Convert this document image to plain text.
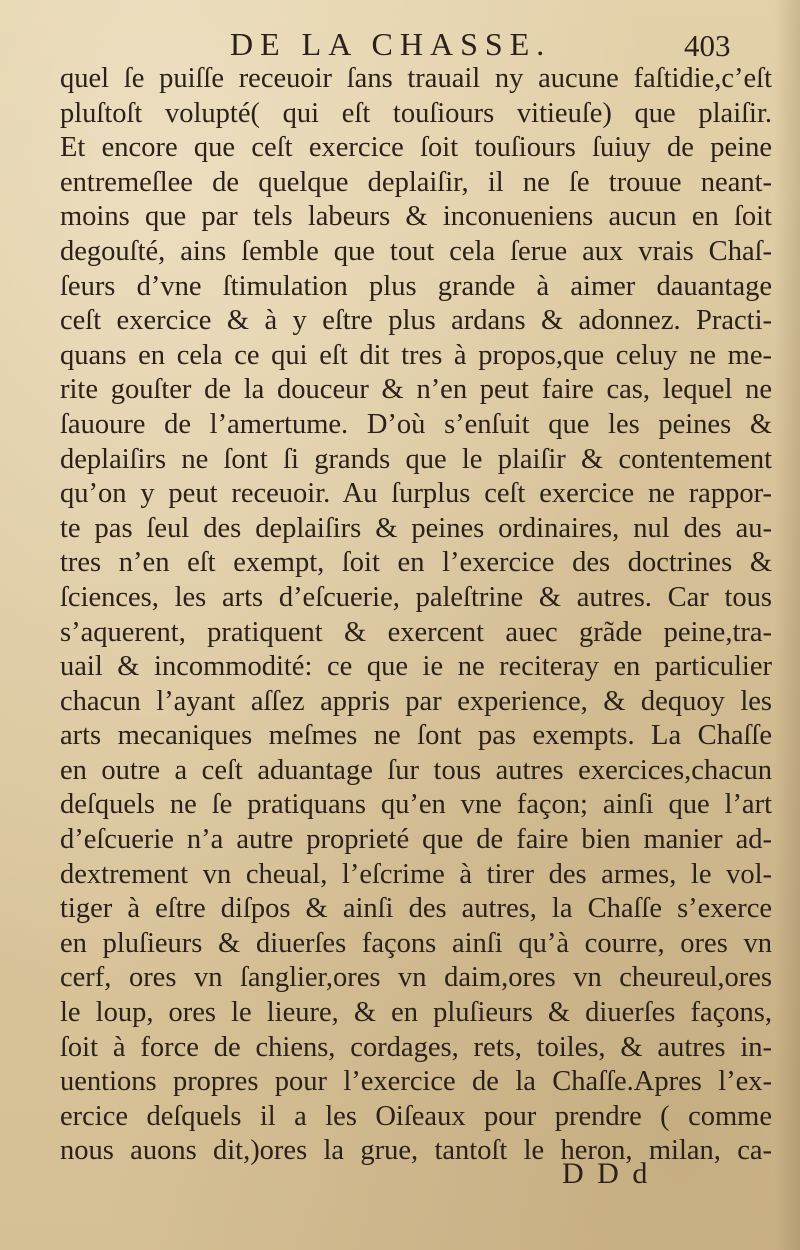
DE LA CHASSE.	403
quel ſe puiſſe receuoir ſans trauail ny aucune faſtidie,c’eſt
pluſtoſt volupté( qui eſt touſiours vitieuſe) que plaiſir.
Et encore que ceſt exercice ſoit touſiours ſuiuy de peine
entremeſlee de quelque deplaiſir, il ne ſe trouue neant-
moins que par tels labeurs & inconueniens aucun en ſoit
degouſté, ains ſemble que tout cela ſerue aux vrais Chaſ-
ſeurs d’vne ſtimulation plus grande à aimer dauantage
ceſt exercice & à y eſtre plus ardans & adonnez. Practi-
quans en cela ce qui eſt dit tres à propos,que celuy ne me-
rite gouſter de la douceur & n’en peut faire cas, lequel ne
ſauoure de l’amertume. D’où s’enſuit que les peines &
deplaiſirs ne ſont ſi grands que le plaiſir & contentement
qu’on y peut receuoir. Au ſurplus ceſt exercice ne rappor-
te pas ſeul des deplaiſirs & peines ordinaires, nul des au-
tres n’en eſt exempt, ſoit en l’exercice des doctrines &
ſciences, les arts d’eſcuerie, paleſtrine & autres. Car tous
s’aquerent, pratiquent & exercent auec grãde peine,tra-
uail & incommodité: ce que ie ne reciteray en particulier
chacun l’ayant aſſez appris par experience, & dequoy les
arts mecaniques meſmes ne ſont pas exempts. La Chaſſe
en outre a ceſt aduantage ſur tous autres exercices,chacun
deſquels ne ſe pratiquans qu’en vne façon; ainſi que l’art
d’eſcuerie n’a autre proprieté que de faire bien manier ad-
dextrement vn cheual, l’eſcrime à tirer des armes, le vol-
tiger à eſtre diſpos & ainſi des autres, la Chaſſe s’exerce
en pluſieurs & diuerſes façons ainſi qu’à courre, ores vn
cerf, ores vn ſanglier,ores vn daim,ores vn cheureul,ores
le loup, ores le lieure, & en pluſieurs & diuerſes façons,
ſoit à force de chiens, cordages, rets, toiles, & autres in-
uentions propres pour l’exercice de la Chaſſe.Apres l’ex-
ercice deſquels il a les Oiſeaux pour prendre ( comme
nous auons dit,)ores la grue, tantoſt le heron, milan, ca-
D D d
